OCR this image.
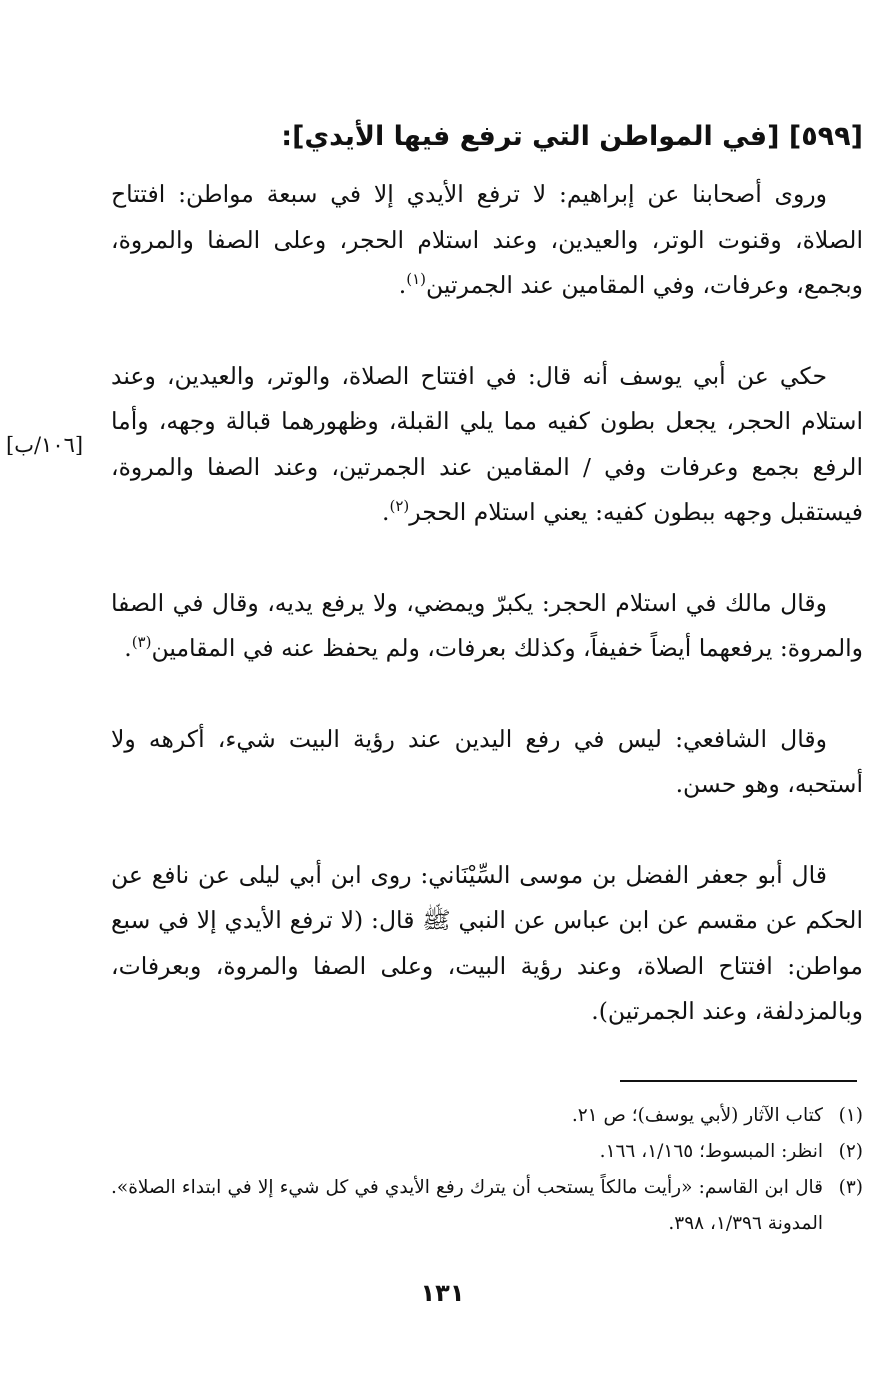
[٥٩٩] [في المواطن التي ترفع فيها الأيدي]:

وروى أصحابنا عن إبراهيم: لا ترفع الأيدي إلا في سبعة مواطن: افتتاح الصلاة، وقنوت الوتر، والعيدين، وعند استلام الحجر، وعلى الصفا والمروة، وبجمع، وعرفات، وفي المقامين عند الجمرتين$^{(١)}$.

حكي عن أبي يوسف أنه قال: في افتتاح الصلاة، والوتر، والعيدين، وعند استلام الحجر، يجعل بطون كفيه مما يلي القبلة، وظهورهما قبالة وجهه، وأما الرفع بجمع وعرفات وفي / المقامين عند الجمرتين، وعند الصفا والمروة، فيستقبل وجهه ببطون كفيه: يعني استلام الحجر$^{(٢)}$.

وقال مالك في استلام الحجر: يكبرّ ويمضي، ولا يرفع يديه، وقال في الصفا والمروة: يرفعهما أيضاً خفيفاً، وكذلك بعرفات، ولم يحفظ عنه في المقامين$^{(٣)}$.

وقال الشافعي: ليس في رفع اليدين عند رؤية البيت شيء، أكرهه ولا أستحبه، وهو حسن.

قال أبو جعفر الفضل بن موسى السِّيْنَاني: روى ابن أبي ليلى عن نافع عن الحكم عن مقسم عن ابن عباس عن النبي ﷺ قال: (لا ترفع الأيدي إلا في سبع مواطن: افتتاح الصلاة، وعند رؤية البيت، وعلى الصفا والمروة، وبعرفات، وبالمزدلفة، وعند الجمرتين).

[١٠٦/ب]
(١)
كتاب الآثار (لأبي يوسف)؛ ص ٢١.
(٢)
انظر: المبسوط؛ ١/١٦٥، ١٦٦.
(٣)
قال ابن القاسم: «رأيت مالكاً يستحب أن يترك رفع الأيدي في كل شيء إلا في ابتداء الصلاة». المدونة ١/٣٩٦، ٣٩٨.
١٣١
